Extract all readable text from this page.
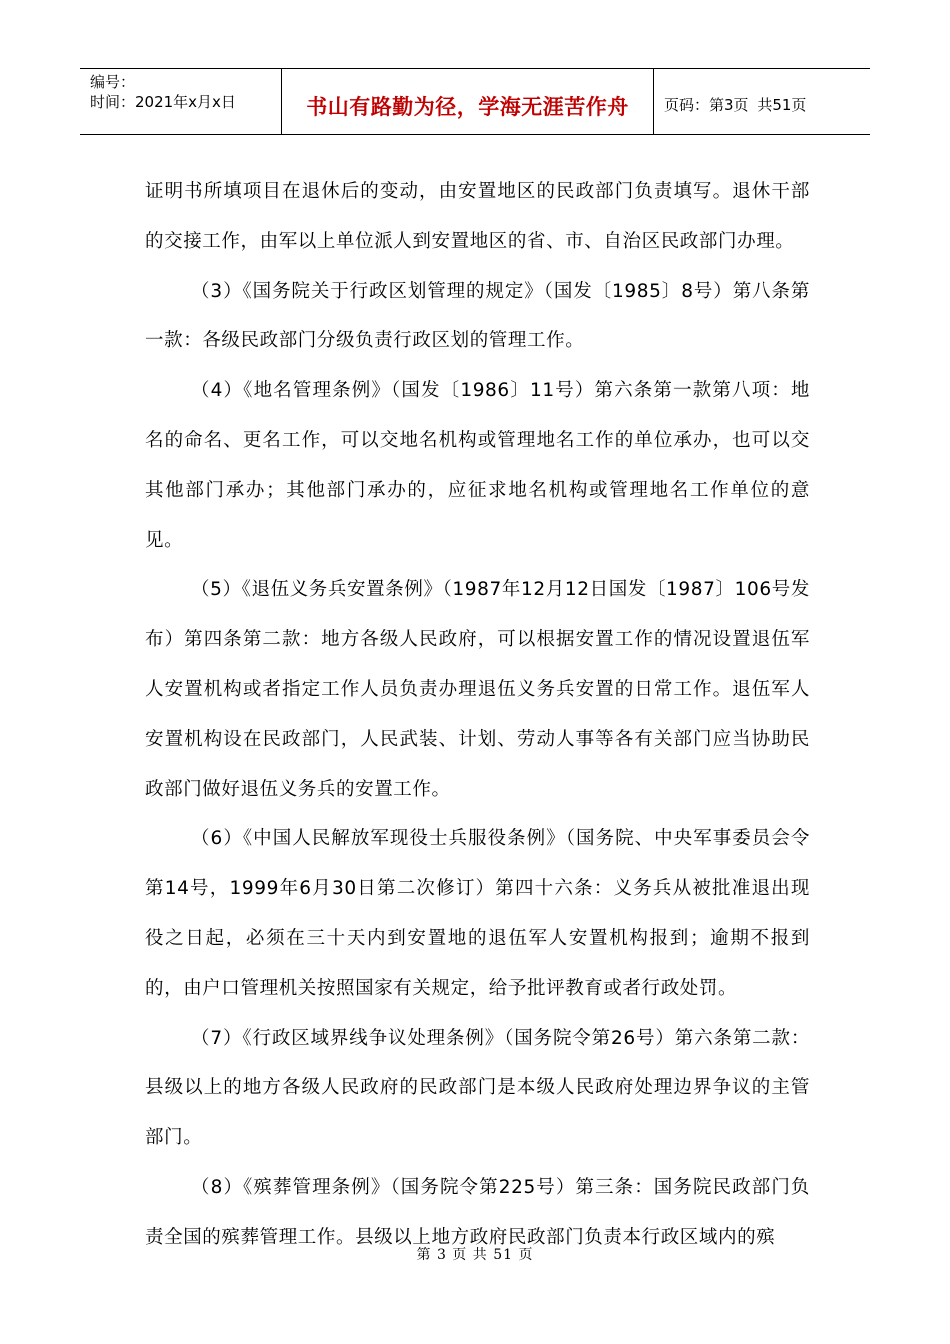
编号：
时间：2021年x月x日	书山有路勤为径，学海无涯苦作舟	页码：第3页 共51页

证明书所填项目在退休后的变动，由安置地区的民政部门负责填写。退休干部的交接工作，由军以上单位派人到安置地区的省、市、自治区民政部门办理。

（3）《国务院关于行政区划管理的规定》（国发〔1985〕8号）第八条第一款：各级民政部门分级负责行政区划的管理工作。

（4）《地名管理条例》（国发〔1986〕11号）第六条第一款第八项：地名的命名、更名工作，可以交地名机构或管理地名工作的单位承办，也可以交其他部门承办；其他部门承办的，应征求地名机构或管理地名工作单位的意见。

（5）《退伍义务兵安置条例》（1987年12月12日国发〔1987〕106号发布）第四条第二款：地方各级人民政府，可以根据安置工作的情况设置退伍军人安置机构或者指定工作人员负责办理退伍义务兵安置的日常工作。退伍军人安置机构设在民政部门，人民武装、计划、劳动人事等各有关部门应当协助民政部门做好退伍义务兵的安置工作。

（6）《中国人民解放军现役士兵服役条例》（国务院、中央军事委员会令第14号，1999年6月30日第二次修订）第四十六条：义务兵从被批准退出现役之日起，必须在三十天内到安置地的退伍军人安置机构报到；逾期不报到的，由户口管理机关按照国家有关规定，给予批评教育或者行政处罚。

（7）《行政区域界线争议处理条例》（国务院令第26号）第六条第二款：县级以上的地方各级人民政府的民政部门是本级人民政府处理边界争议的主管部门。

（8）《殡葬管理条例》（国务院令第225号）第三条：国务院民政部门负责全国的殡葬管理工作。县级以上地方政府民政部门负责本行政区域内的殡

第 3 页 共 51 页
